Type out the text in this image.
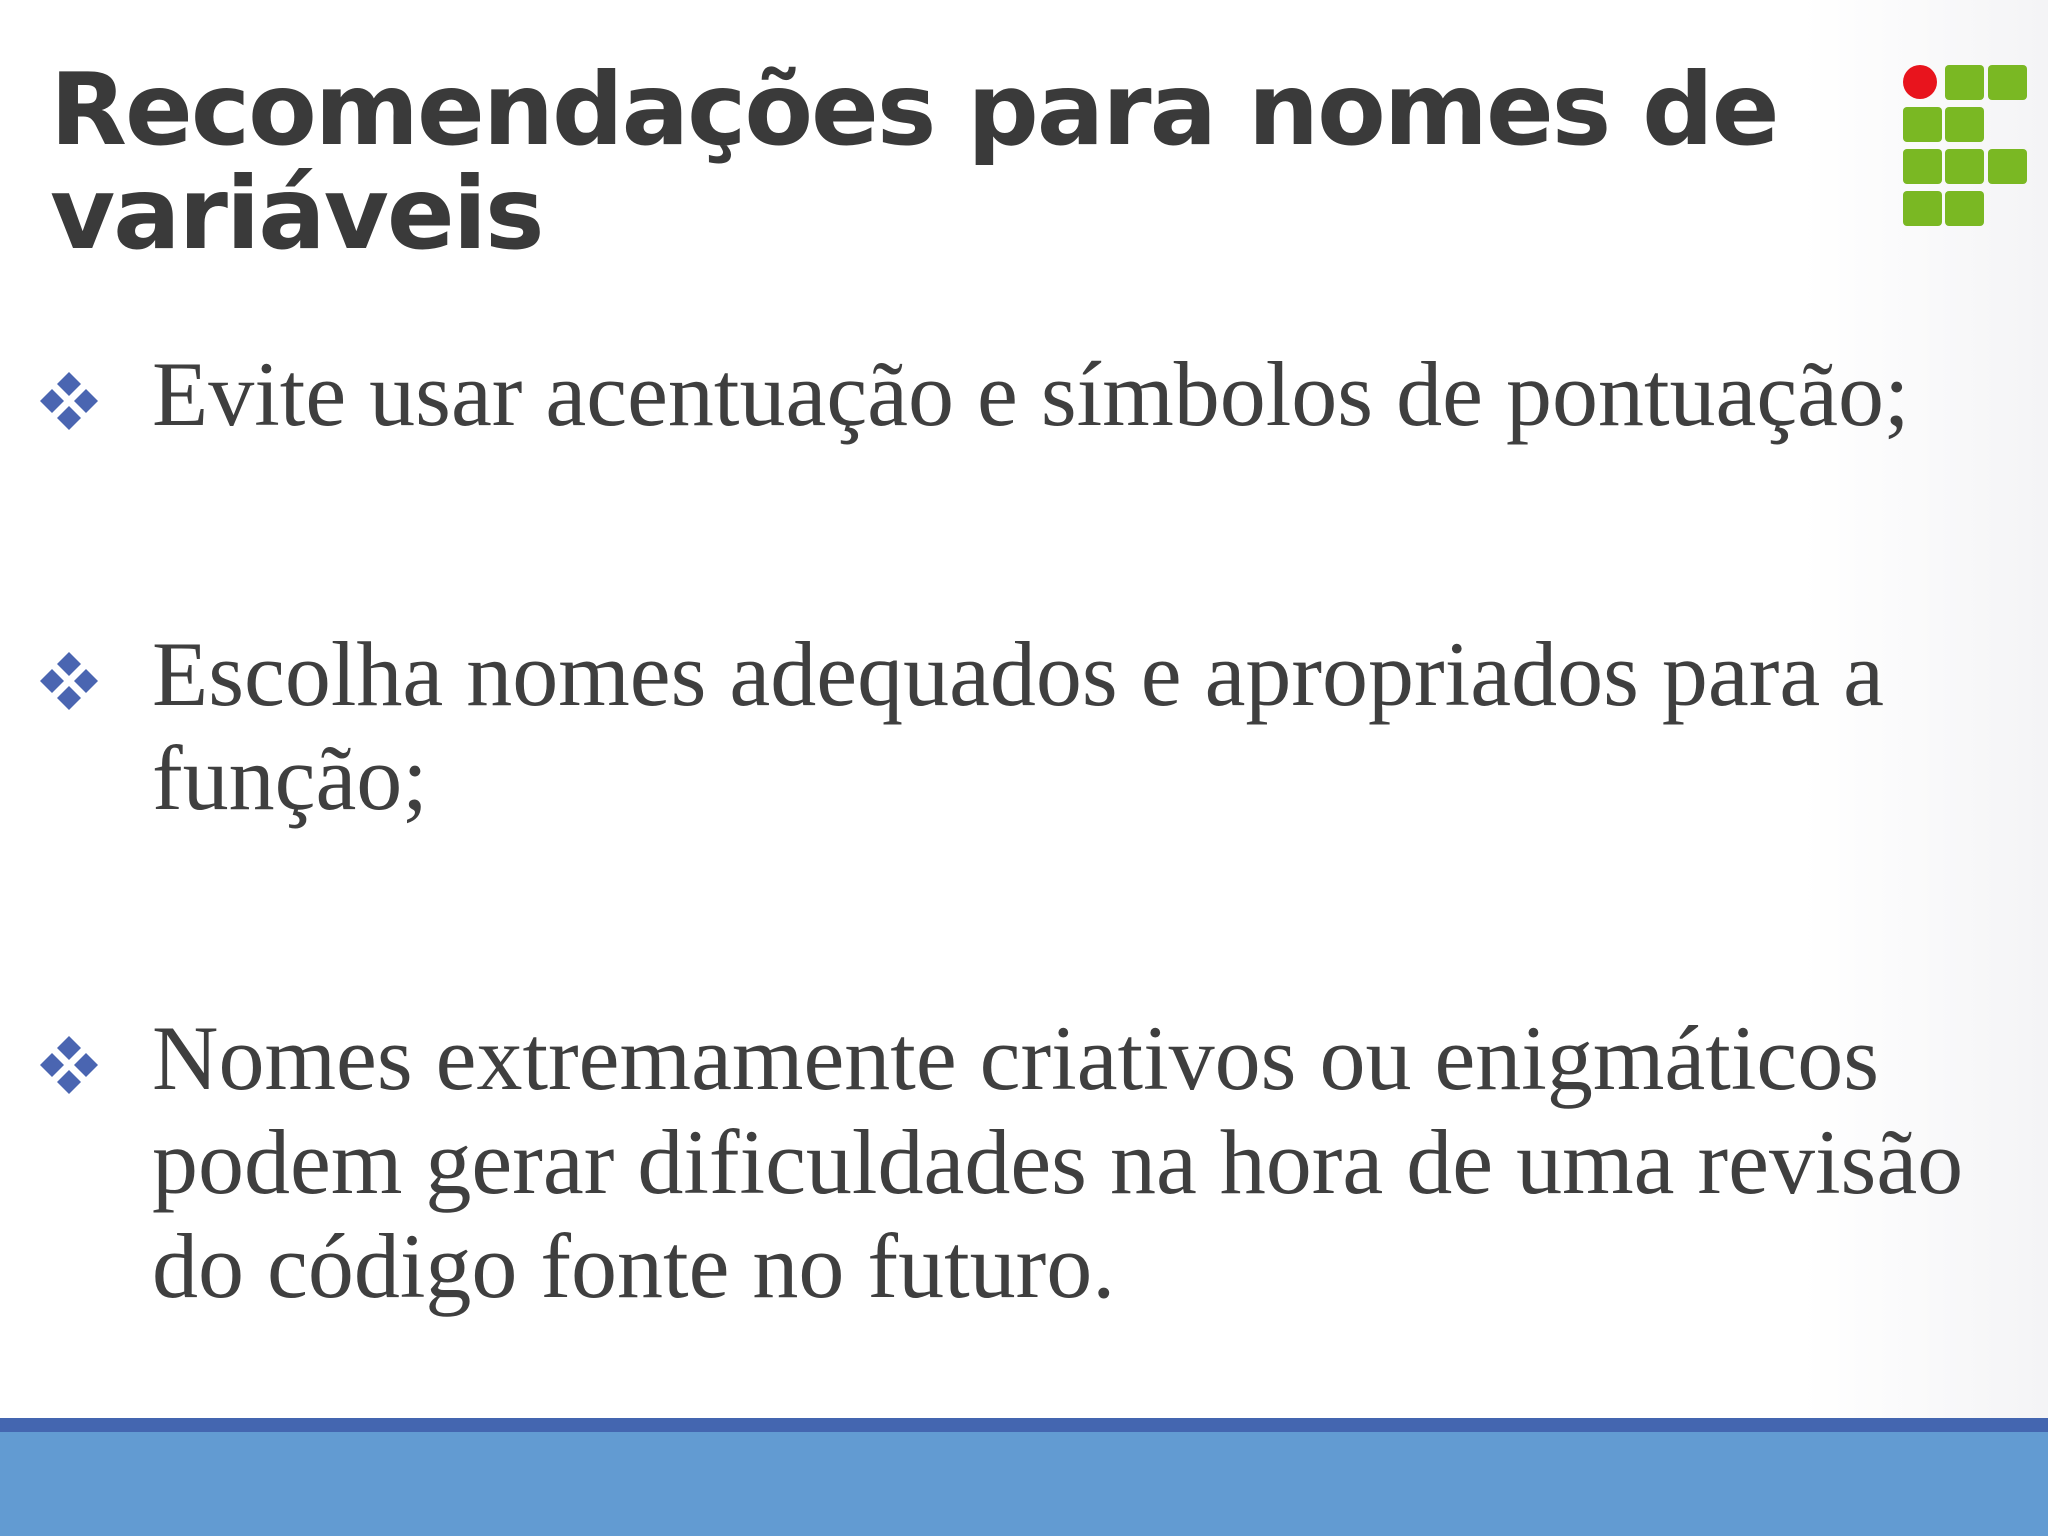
Recomendações para nomes de variáveis
Evite usar acentuação e símbolos de pontuação;
Escolha nomes adequados e apropriados para a função;
Nomes extremamente criativos ou enigmáticos podem gerar dificuldades na hora de uma revisão do código fonte no futuro.
